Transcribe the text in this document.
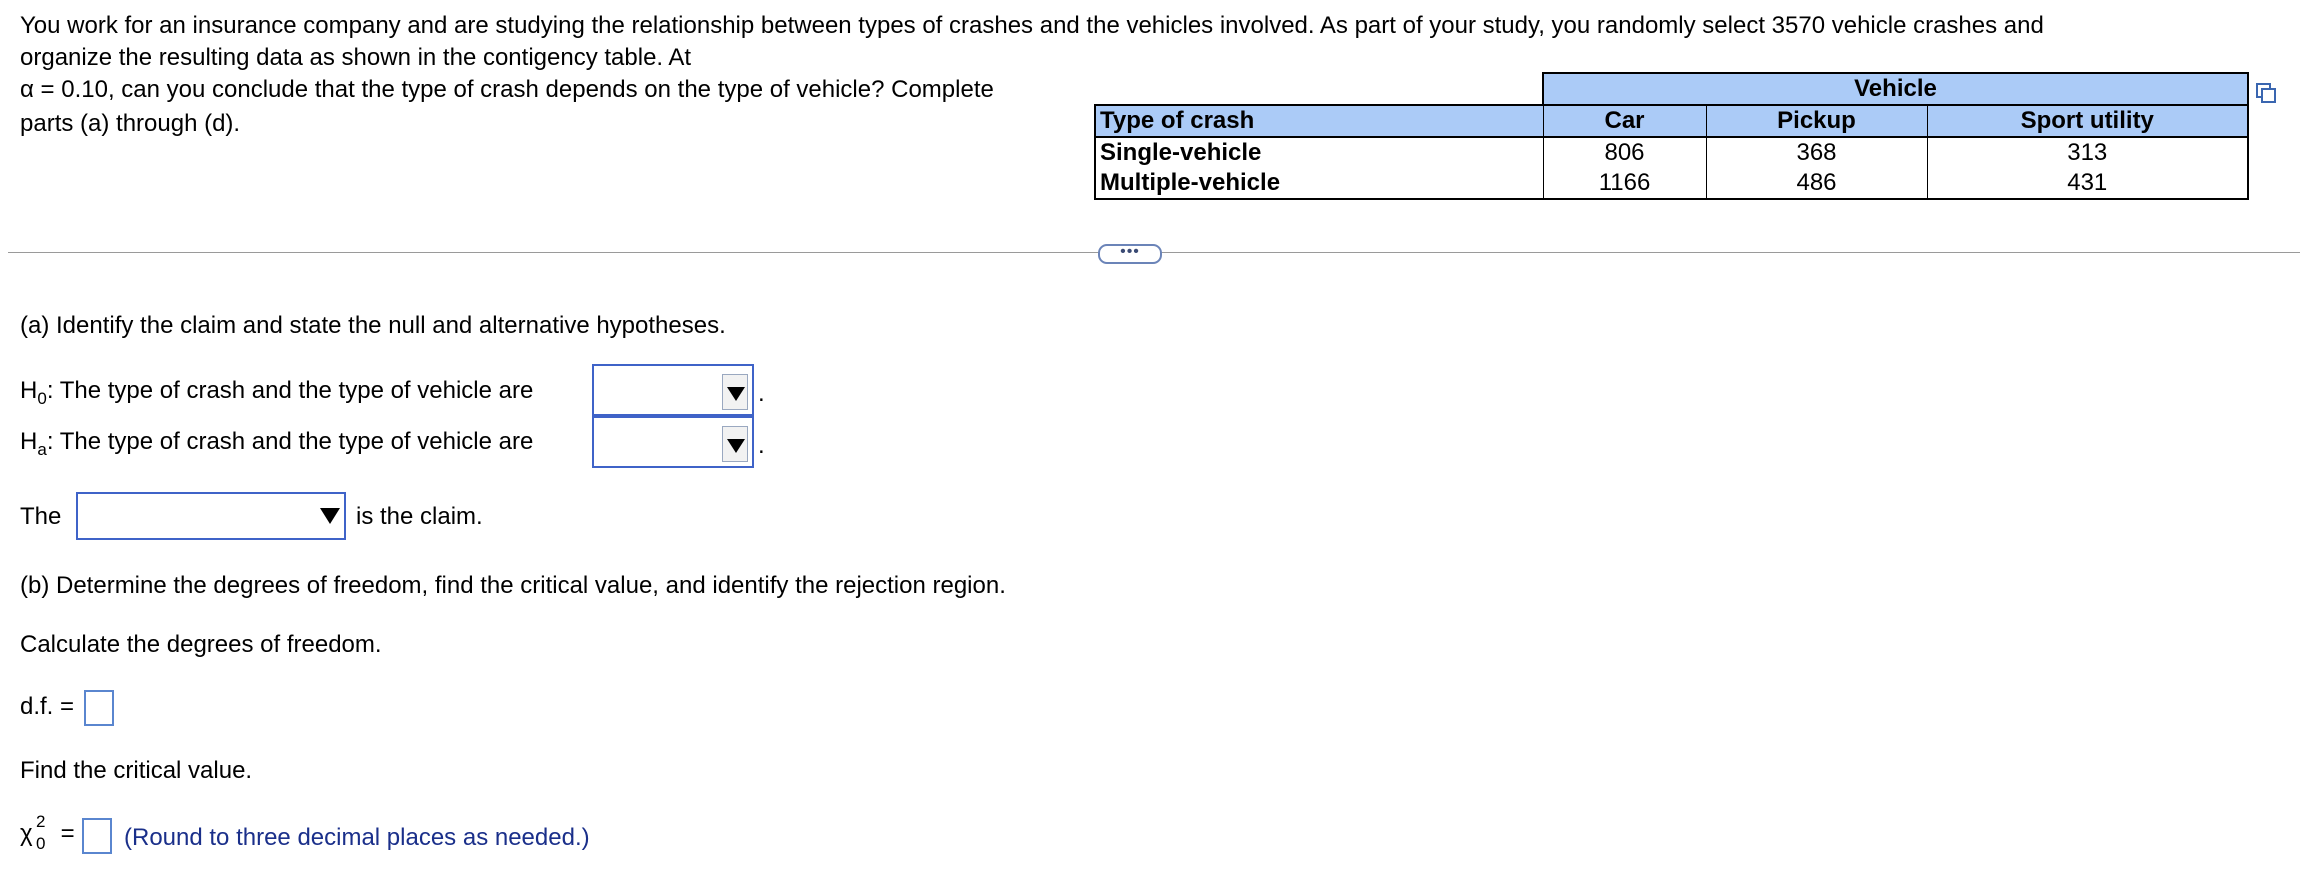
You work for an insurance company and are studying the relationship between types of crashes and the vehicles involved. As part of your study, you randomly select 3570 vehicle crashes and
organize the resulting data as shown in the contigency table. At
α = 0.10, can you conclude that the type of crash depends on the type of vehicle? Complete
parts (a) through (d).
	Vehicle		
Type of crash	Car	Pickup	Sport utility
Single-vehicle	806	368	313
Multiple-vehicle	1166	486	431
•••
(a) Identify the claim and state the null and alternative hypotheses.
$H_0$: The type of crash and the type of vehicle are	.
$H_a$: The type of crash and the type of vehicle are	.
The	is the claim.
(b) Determine the degrees of freedom, find the critical value, and identify the rejection region.
Calculate the degrees of freedom.
d.f. =
Find the critical value.
χ 2
0 = (Round to three decimal places as needed.)
